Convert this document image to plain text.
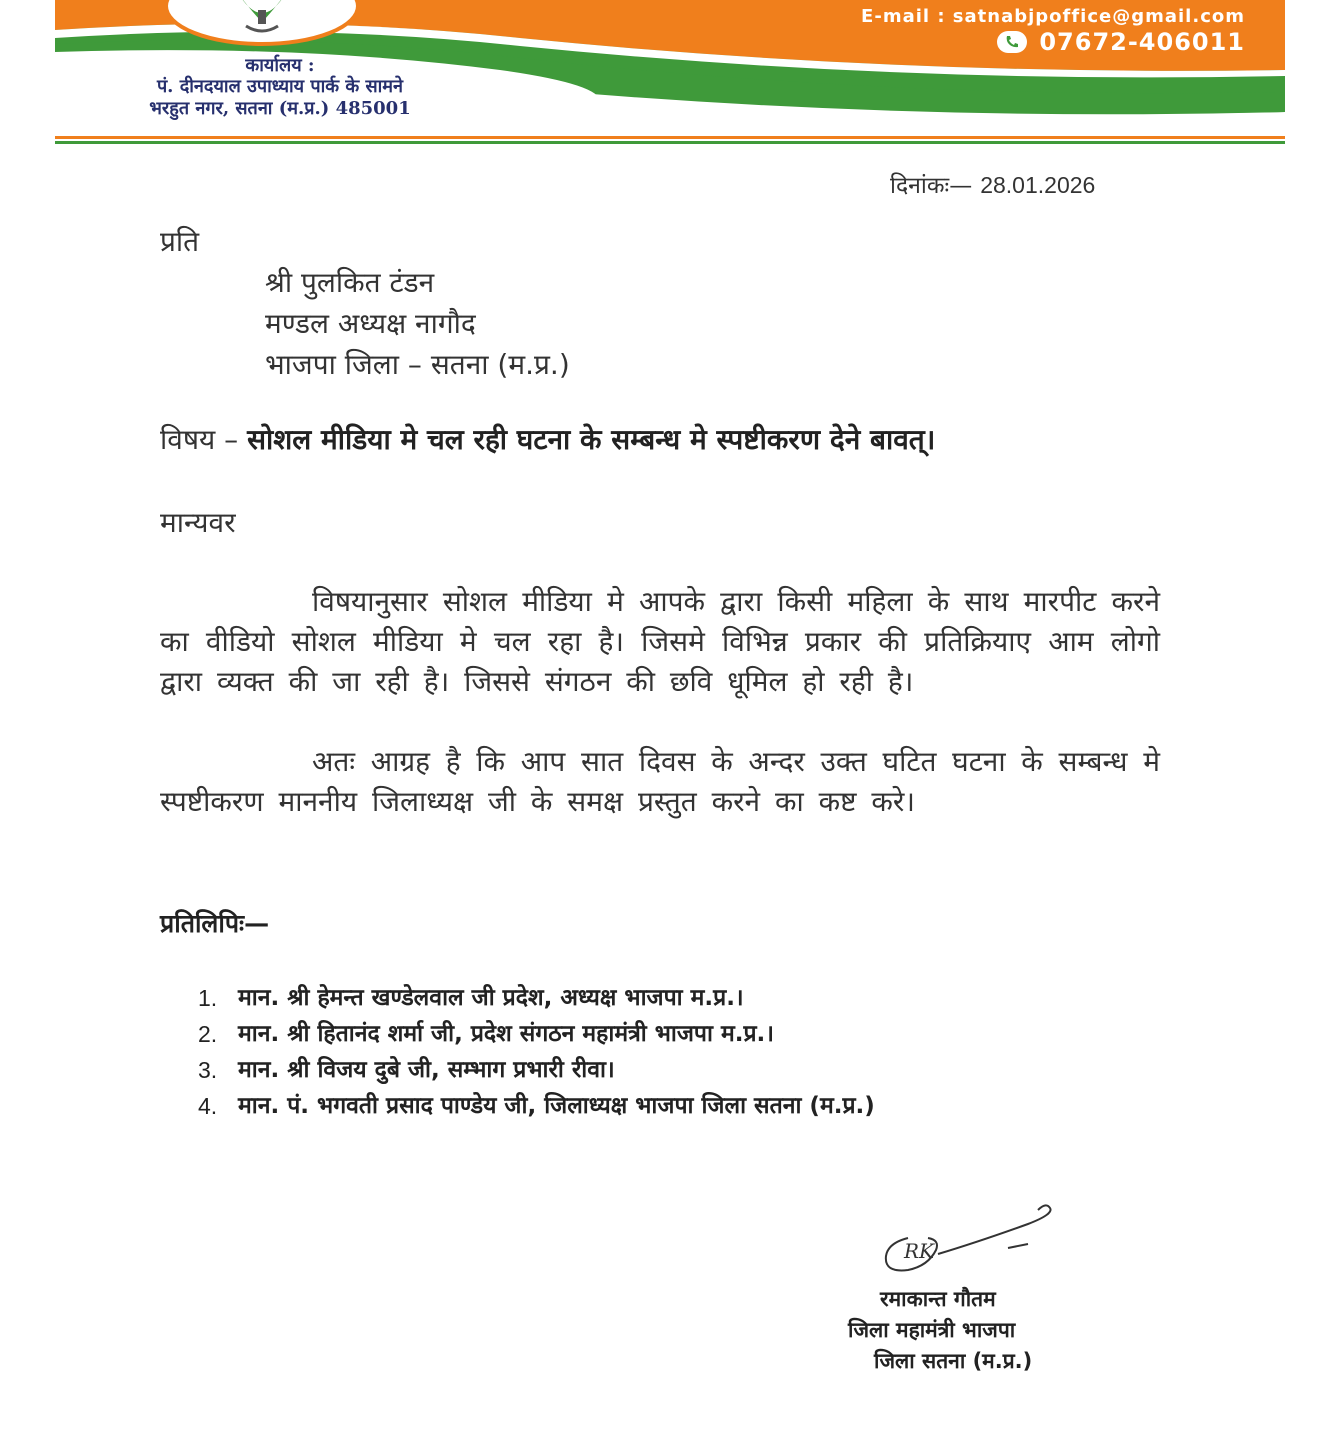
कार्यालय :
पं. दीनदयाल उपाध्याय पार्क के सामने
भरहुत नगर, सतना (म.प्र.) 485001
E-mail : satnabjpoffice@gmail.com
07672-406011
दिनांकः— 28.01.2026
प्रति
श्री पुलकित टंडन
मण्डल अध्यक्ष नागौद
भाजपा जिला – सतना (म.प्र.)
विषय – सोशल मीडिया मे चल रही घटना के सम्बन्ध मे स्पष्टीकरण देने बावत्।
मान्यवर
विषयानुसार सोशल मीडिया मे आपके द्वारा किसी महिला के साथ मारपीट करने का वीडियो सोशल मीडिया मे चल रहा है। जिसमे विभिन्न प्रकार की प्रतिक्रियाए आम लोगो द्वारा व्यक्त की जा रही है। जिससे संगठन की छवि धूमिल हो रही है।
अतः आग्रह है कि आप सात दिवस के अन्दर उक्त घटित घटना के सम्बन्ध मे स्पष्टीकरण माननीय जिलाध्यक्ष जी के समक्ष प्रस्तुत करने का कष्ट करे।
प्रतिलिपिः—
1. मान. श्री हेमन्त खण्डेलवाल जी प्रदेश, अध्यक्ष भाजपा म.प्र.।
2. मान. श्री हितानंद शर्मा जी, प्रदेश संगठन महामंत्री भाजपा म.प्र.।
3. मान. श्री विजय दुबे जी, सम्भाग प्रभारी रीवा।
4. मान. पं. भगवती प्रसाद पाण्डेय जी, जिलाध्यक्ष भाजपा जिला सतना (म.प्र.)
RK
रमाकान्त गौतम
जिला महामंत्री भाजपा
जिला सतना (म.प्र.)
